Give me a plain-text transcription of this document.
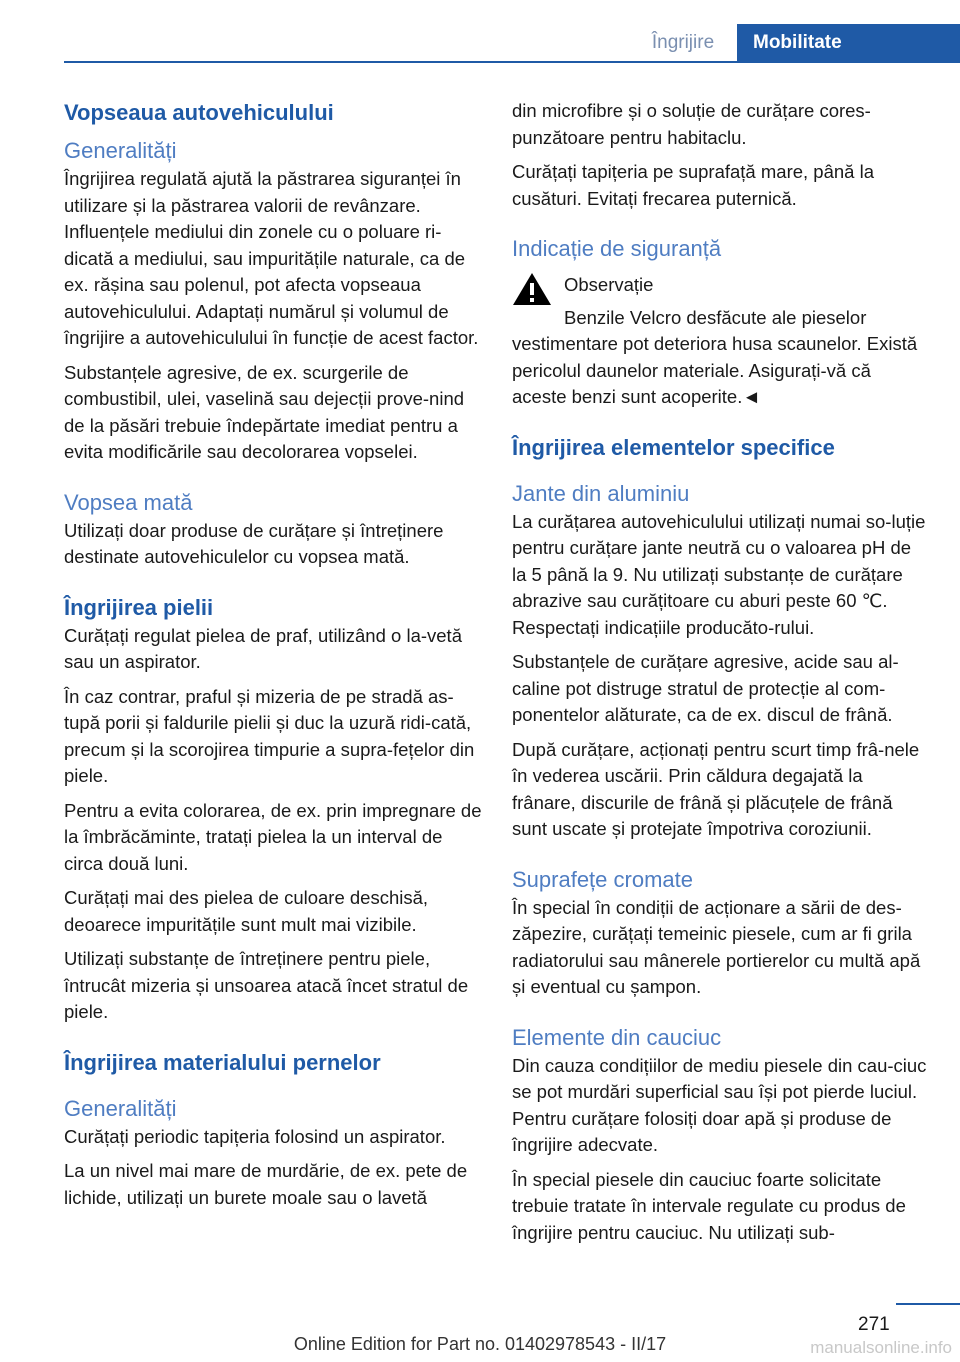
Îngrijire	Mobilitate
Vopseaua autovehiculului
Generalități

Îngrijirea regulată ajută la păstrarea siguranței în utilizare și la păstrarea valorii de revânzare. Influențele mediului din zonele cu o poluare ri‐dicată a mediului, sau impuritățile naturale, ca de ex. rășina sau polenul, pot afecta vopseaua autovehiculului. Adaptați numărul și volumul de îngrijire a autovehiculului în funcție de acest factor.

Substanțele agresive, de ex. scurgerile de combustibil, ulei, vaselină sau dejecții prove‐nind de la păsări trebuie îndepărtate imediat pentru a evita modificările sau decolorarea vopselei.

Vopsea mată

Utilizați doar produse de curățare și întreținere destinate autovehiculelor cu vopsea mată.

Îngrijirea pielii

Curățați regulat pielea de praf, utilizând o la‐vetă sau un aspirator.

În caz contrar, praful și mizeria de pe stradă as‐tupă porii și faldurile pielii și duc la uzură ridi‐cată, precum și la scorojirea timpurie a supra‐fețelor din piele.

Pentru a evita colorarea, de ex. prin impregnare de la îmbrăcăminte, tratați pielea la un interval de circa două luni.

Curățați mai des pielea de culoare deschisă, deoarece impuritățile sunt mult mai vizibile.

Utilizați substanțe de întreținere pentru piele, întrucât mizeria și unsoarea atacă încet stratul de piele.

Îngrijirea materialului pernelor
Generalități

Curățați periodic tapițeria folosind un aspirator.

La un nivel mai mare de murdărie, de ex. pete de lichide, utilizați un burete moale sau o lavetă

din microfibre și o soluție de curățare cores‐punzătoare pentru habitaclu.

Curățați tapițeria pe suprafață mare, până la cusături. Evitați frecarea puternică.

Indicație de siguranță

Observație

Benzile Velcro desfăcute ale pieselor vestimentare pot deteriora husa scaunelor. Există pericolul daunelor materiale. Asigurați-vă că aceste benzi sunt acoperite.◄

Îngrijirea elementelor specifice
Jante din aluminiu

La curățarea autovehiculului utilizați numai so‐luție pentru curățare jante neutră cu o valoarea pH de la 5 până la 9. Nu utilizați substanțe de curățare abrazive sau curățitoare cu aburi peste 60 ℃. Respectați indicațiile producăto‐rului.

Substanțele de curățare agresive, acide sau al‐caline pot distruge stratul de protecție al com‐ponentelor alăturate, ca de ex. discul de frână.

După curățare, acționați pentru scurt timp frâ‐nele în vederea uscării. Prin căldura degajată la frânare, discurile de frână și plăcuțele de frână sunt uscate și protejate împotriva coroziunii.

Suprafețe cromate

În special în condiții de acționare a sării de des‐zăpezire, curățați temeinic piesele, cum ar fi grila radiatorului sau mânerele portierelor cu multă apă și eventual cu șampon.

Elemente din cauciuc

Din cauza condițiilor de mediu piesele din cau‐ciuc se pot murdări superficial sau își pot pierde luciul. Pentru curățare folosiți doar apă și produse de îngrijire adecvate.

În special piesele din cauciuc foarte solicitate trebuie tratate în intervale regulate cu produs de îngrijire pentru cauciuc. Nu utilizați sub‐

271
Online Edition for Part no. 01402978543 - II/17	manualsonline.info
